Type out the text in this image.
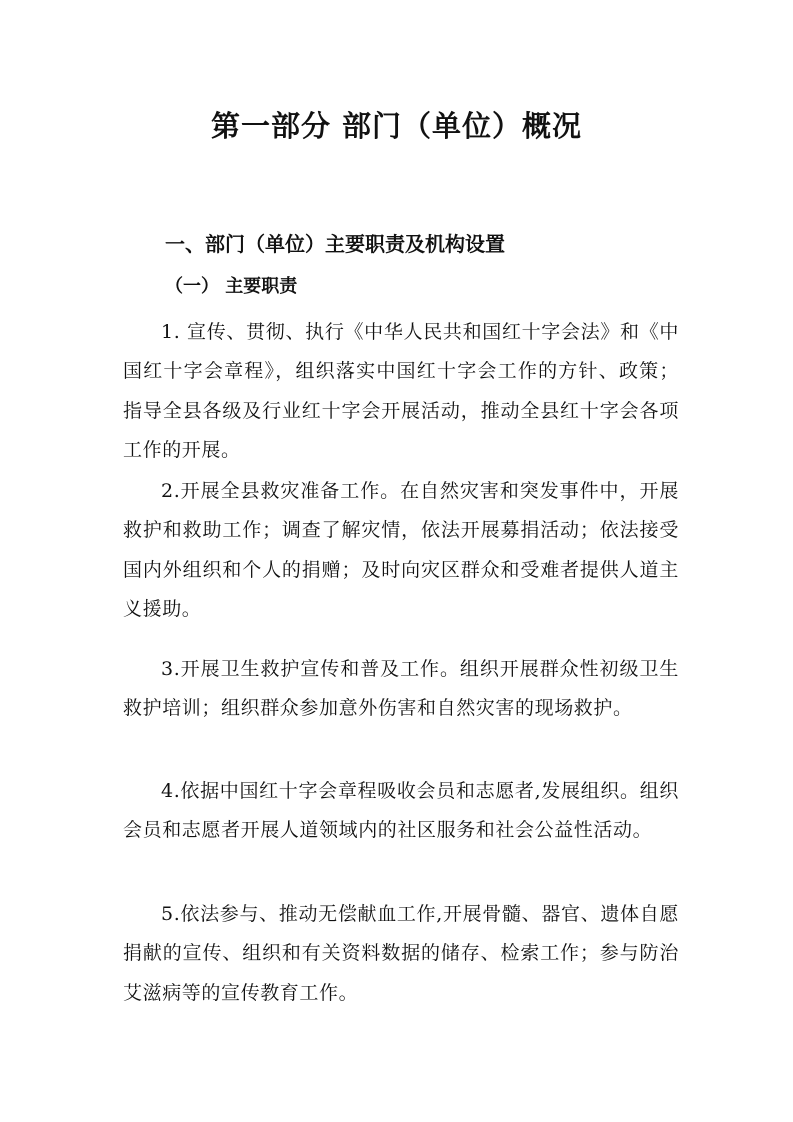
第一部分 部门（单位）概况
一、部门（单位）主要职责及机构设置
（一） 主要职责

1. 宣传、贯彻、执行《中华人民共和国红十字会法》和《中国红十字会章程》，组织落实中国红十字会工作的方针、政策；指导全县各级及行业红十字会开展活动，推动全县红十字会各项工作的开展。

2.开展全县救灾准备工作。在自然灾害和突发事件中，开展救护和救助工作；调查了解灾情，依法开展募捐活动；依法接受国内外组织和个人的捐赠；及时向灾区群众和受难者提供人道主义援助。

3.开展卫生救护宣传和普及工作。组织开展群众性初级卫生救护培训；组织群众参加意外伤害和自然灾害的现场救护。

4.依据中国红十字会章程吸收会员和志愿者,发展组织。组织会员和志愿者开展人道领域内的社区服务和社会公益性活动。

5.依法参与、推动无偿献血工作,开展骨髓、器官、遗体自愿捐献的宣传、组织和有关资料数据的储存、检索工作；参与防治艾滋病等的宣传教育工作。
